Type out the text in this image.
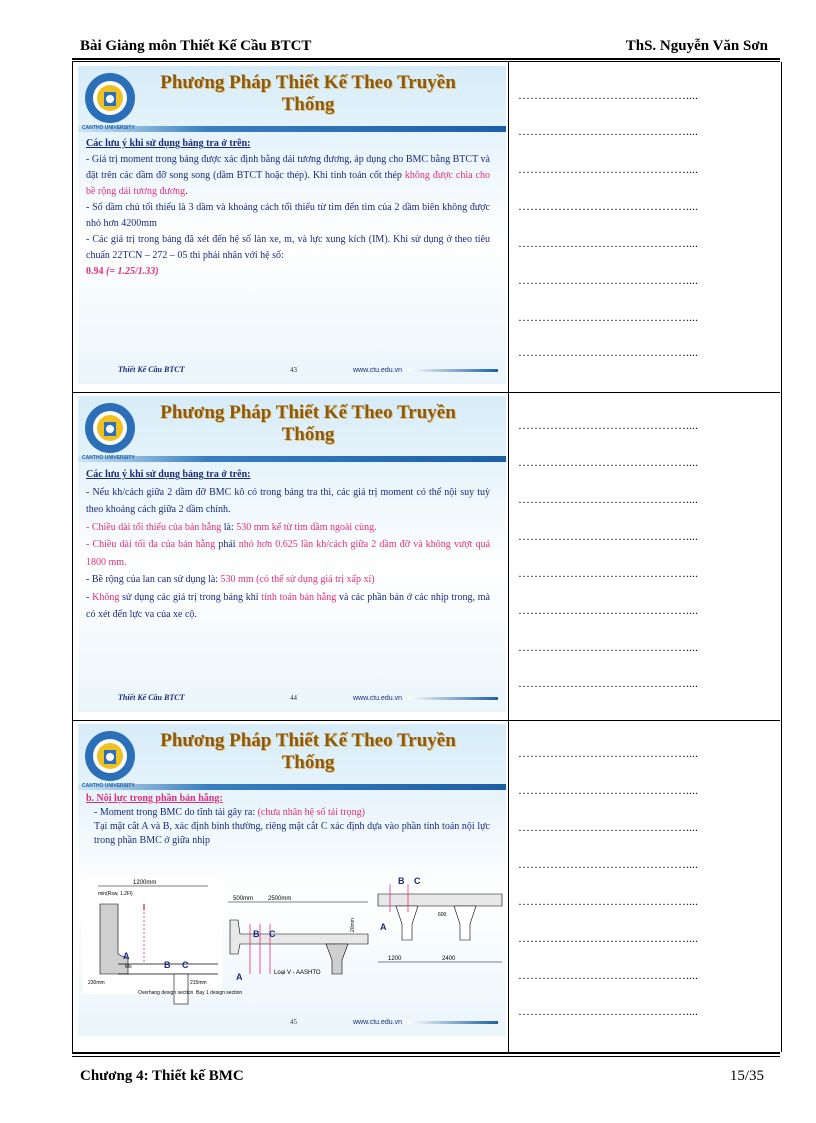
Bài Giảng môn Thiết Kế Cầu BTCT	ThS. Nguyễn Văn Sơn
Phương Pháp Thiết Kế Theo Truyền
Thống
CANTHO UNIVERSITY
Các lưu ý khi sử dụng bảng tra ở trên:
- Giá trị moment trong bảng được xác định bằng dải tương đương, áp dụng cho BMC bằng BTCT và đặt trên các dầm đỡ song song (dầm BTCT hoặc thép). Khi tính toán cốt thép không được chia cho bề rộng dải tương đương.
- Số dầm chủ tối thiểu là 3 dầm và khoảng cách tối thiểu từ tim đến tim của 2 dầm biên không được nhỏ hơn 4200mm
- Các giá trị trong bảng đã xét đến hệ số làn xe, m, và lực xung kích (IM). Khi sử dụng ở theo tiêu chuẩn 22TCN – 272 – 05 thì phải nhân với hệ số:
0.94 (= 1.25/1.33)
Thiết Kế Cầu BTCT	43	www.ctu.edu.vn
Phương Pháp Thiết Kế Theo Truyền
Thống
CANTHO UNIVERSITY
Các lưu ý khi sử dụng bảng tra ở trên:
- Nếu kh/cách giữa 2 dầm đỡ BMC kô có trong bảng tra thì, các giá trị moment có thể nội suy tuỳ theo khoảng cách giữa 2 dầm chính.
- Chiều dài tối thiểu của bản hẫng là: 530 mm kể từ tim dầm ngoài cùng.
- Chiều dài tối đa của bản hẫng phải nhỏ hơn 0.625 lần kh/cách giữa 2 dầm đỡ và không vượt quá 1800 mm.
- Bề rộng của lan can sử dụng là: 530 mm (có thể sử dụng giá trị xấp xỉ)
- Không sử dụng các giá trị trong bảng khi tính toán bản hẫng và các phần bản ở các nhịp trong, mà có xét đến lực va của xe cộ.
Thiết Kế Cầu BTCT	44	www.ctu.edu.vn
Phương Pháp Thiết Kế Theo Truyền
Thống
CANTHO UNIVERSITY
b. Nội lực trong phần bản hẫng:
- Moment trong BMC do tĩnh tải gây ra: (chưa nhân hệ số tải trọng)
Tại mặt cắt A và B, xác định bình thường, riêng mặt cắt C xác định dựa vào phần tính toán nội lực trong phần BMC ở giữa nhịp
1200mm
min(Rsw, 1.2Fl)
A
Ms	B C
230mm	215mm
Overhang design section Bay 1 design section
500mm 2500mm
B C
A	Loại V - AASHTO
20mm
B C
A
1200	2400
600
45	www.ctu.edu.vn
……………………………………....
……………………………………....
……………………………………....
……………………………………....
……………………………………....
……………………………………....
……………………………………....
……………………………………....
……………………………………....
……………………………………....
……………………………………....
……………………………………....
……………………………………....
……………………………………....
……………………………………....
……………………………………....
……………………………………....
……………………………………....
……………………………………....
……………………………………....
……………………………………....
……………………………………....
……………………………………....
……………………………………....
Chương 4: Thiết kế BMC	15/35
